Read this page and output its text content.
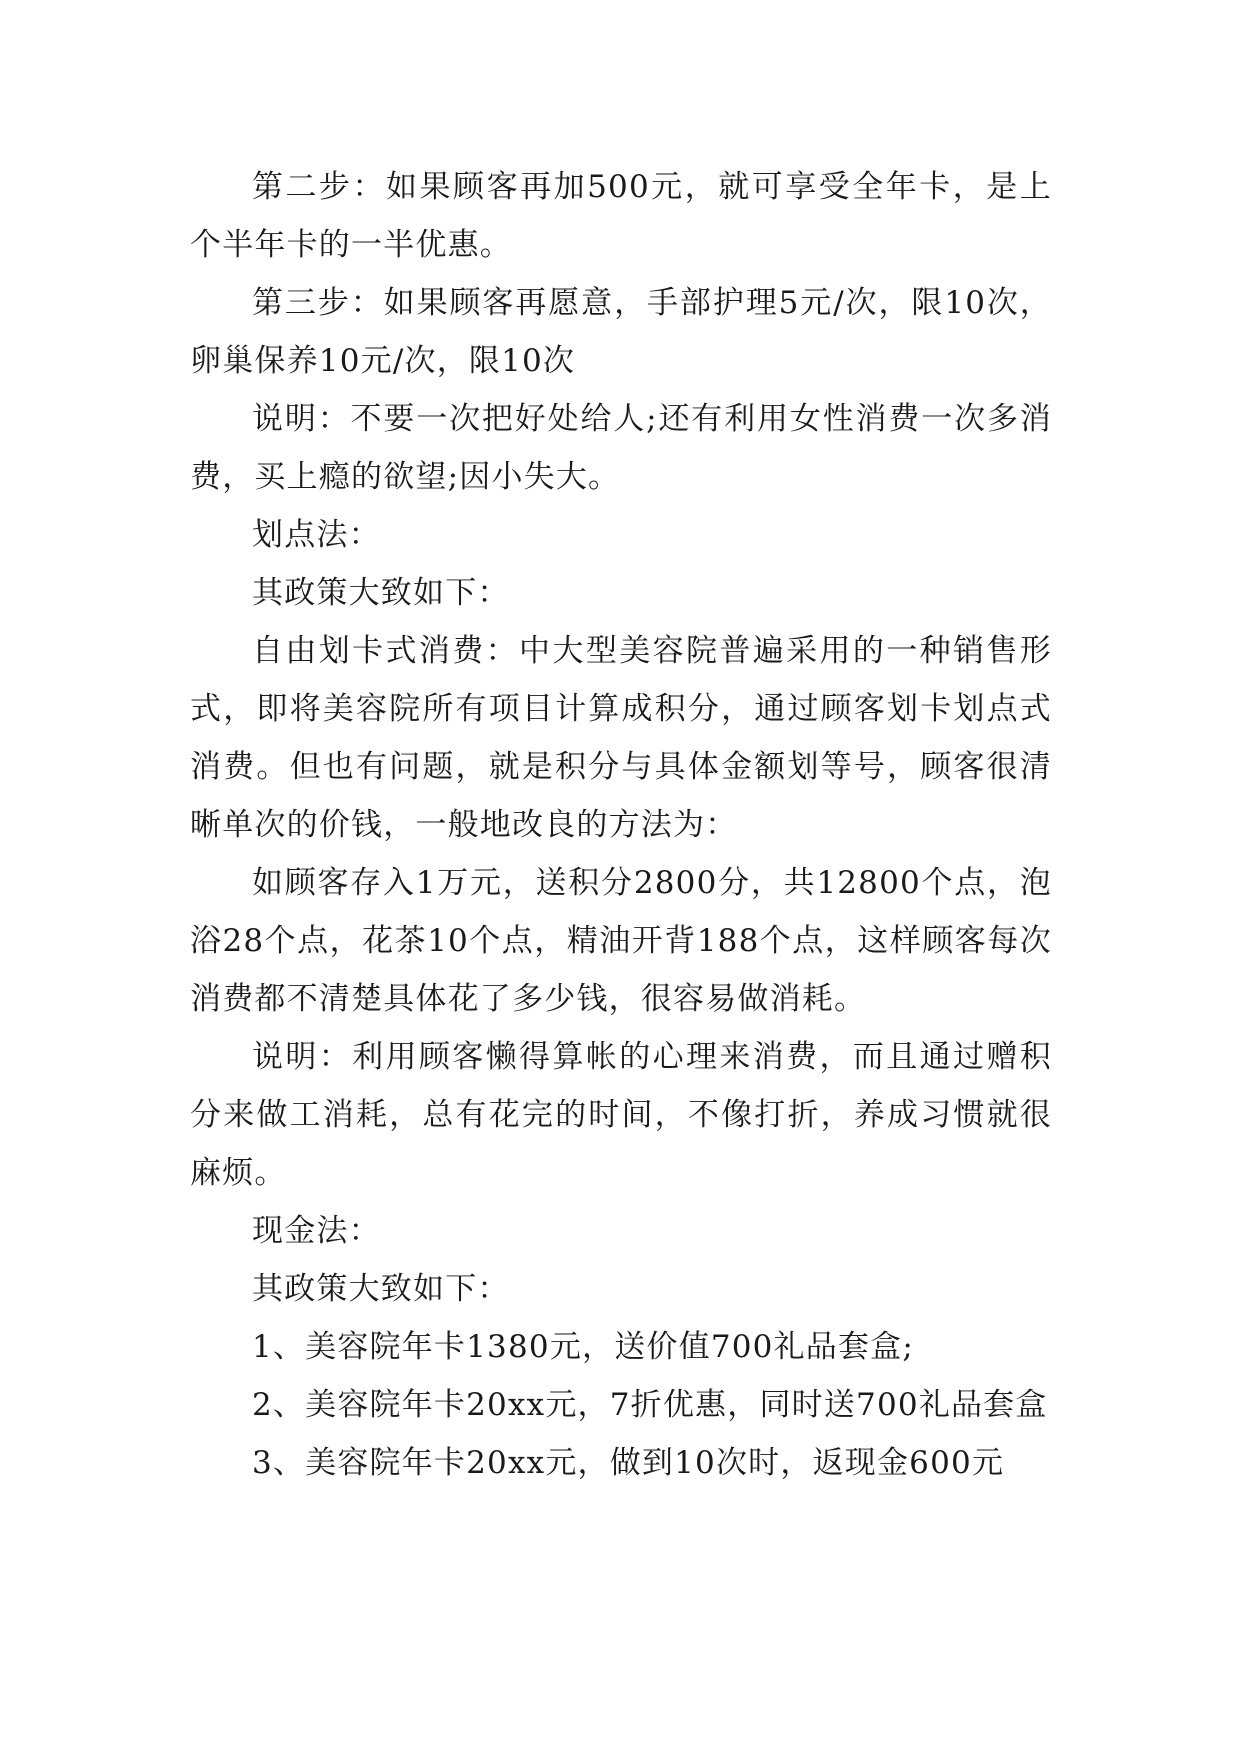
第二步：如果顾客再加500元，就可享受全年卡，是上个半年卡的一半优惠。

第三步：如果顾客再愿意，手部护理5元/次，限10次，卵巢保养10元/次，限10次

说明：不要一次把好处给人;还有利用女性消费一次多消费，买上瘾的欲望;因小失大。

划点法：

其政策大致如下：

自由划卡式消费：中大型美容院普遍采用的一种销售形式，即将美容院所有项目计算成积分，通过顾客划卡划点式消费。但也有问题，就是积分与具体金额划等号，顾客很清晰单次的价钱，一般地改良的方法为：

如顾客存入1万元，送积分2800分，共12800个点，泡浴28个点，花茶10个点，精油开背188个点，这样顾客每次消费都不清楚具体花了多少钱，很容易做消耗。

说明：利用顾客懒得算帐的心理来消费，而且通过赠积分来做工消耗，总有花完的时间，不像打折，养成习惯就很麻烦。

现金法：

其政策大致如下：

1、美容院年卡1380元，送价值700礼品套盒;

2、美容院年卡20xx元，7折优惠，同时送700礼品套盒

3、美容院年卡20xx元，做到10次时，返现金600元
